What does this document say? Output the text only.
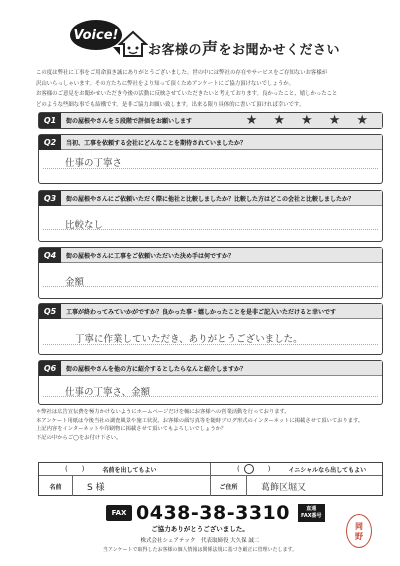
Voice!
お客様の声をお聞かせください

この度は弊社に工事をご用命頂き誠にありがとうございました。世の中には弊社の存在やサービスをご存知ないお客様が

沢山いらっしゃいます。その方たちに弊社をより知って頂くためアンケートにご協力頂けないでしょうか。

お客様のご意見をお聞かせいただき今後の活動に反映させていただきたいと考えております。良かったこと、嬉しかったこと

どのような些細な事でも結構です。是非ご協力お願い致します。出来る限り具体的に書いて頂ければ幸いです。

Q1	街の屋根やさんを５段階で評価をお願いします	★ ★ ★ ★ ★
Q2	当初、工事を依頼する会社にどんなことを期待されていましたか？
仕事の丁寧さ
Q3	街の屋根やさんにご依頼いただく際に他社と比較しましたか？比較した方はどこの会社と比較しましたか？
比較なし
Q4	街の屋根やさんに工事をご依頼いただいた決め手は何ですか？
金額
Q5	工事が終わってみていかがですか？良かった事・嬉しかったことを是非ご記入いただけると幸いです
丁寧に作業していただき、ありがとうございました。
Q6	街の屋根やさんを他の方に紹介するとしたらなんと紹介しますか？
仕事の丁寧さ、金額

＊弊社は広告宣伝費を極力かけないようにホームページだけを軸にお客様への営業活動を行っております。

本アンケート用紙は今後当社の調査風景や施工状況、お客様の顔写真等を随時ブログ形式のインターネットに掲載させて頂いております。

上記内容をインターネットや印刷物に掲載させて頂いてもよろしいでしょうか？

下記の中からご◯をお付け下さい。

(　　)	名前を出してもよい	(	)	イニシャルなら出してもよい
名前	S 様	ご住所	葛飾区堀又
FAX 0438-38-3310	直通
FAX番号
ご協力ありがとうございました。
株式会社シェアテック　代表取締役 大久保 誠二
当アンケートで取得したお客様の個人情報は関係法規に基づき厳正に管理いたします。
岡
野
